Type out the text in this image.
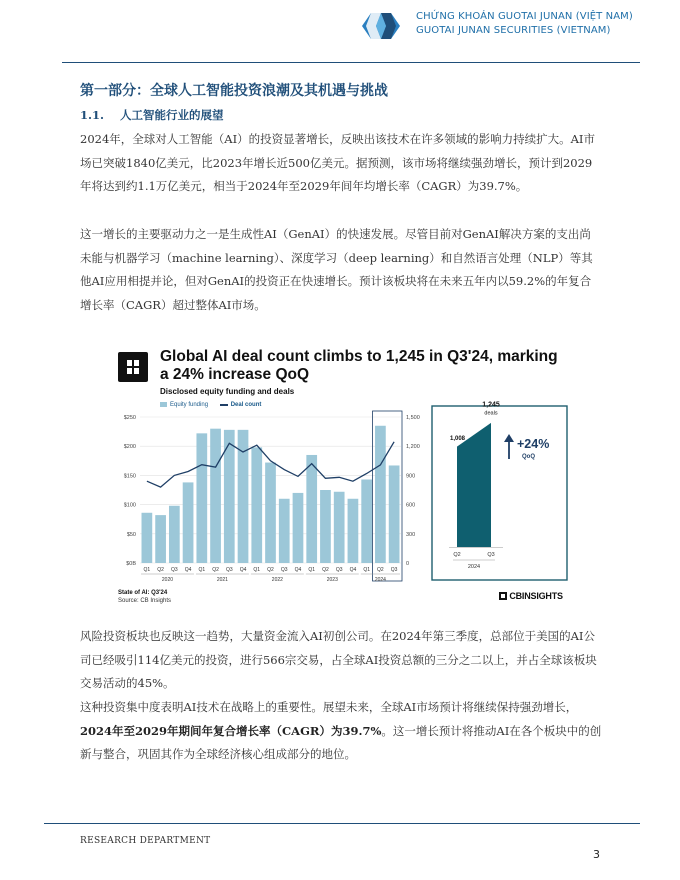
CHỨNG KHOÁN GUOTAI JUNAN (VIỆT NAM)
GUOTAI JUNAN SECURITIES (VIETNAM)
第一部分：全球人工智能投资浪潮及其机遇与挑战
1.1. 人工智能行业的展望
2024年，全球对人工智能（AI）的投资显著增长，反映出该技术在许多领域的影响力持续扩大。AI市场已突破1840亿美元，比2023年增长近500亿美元。据预测，该市场将继续强劲增长，预计到2029年将达到约1.1万亿美元，相当于2024年至2029年间年均增长率（CAGR）为39.7%。
这一增长的主要驱动力之一是生成性AI（GenAI）的快速发展。尽管目前对GenAI解决方案的支出尚未能与机器学习（machine learning）、深度学习（deep learning）和自然语言处理（NLP）等其他AI应用相提并论，但对GenAI的投资正在快速增长。预计该板块将在未来五年内以59.2%的年复合增长率（CAGR）超过整体AI市场。
Global AI deal count climbs to 1,245 in Q3'24, marking a 24% increase QoQ
Disclosed equity funding and deals
Equity funding	Deal count
$250
$200
$150
$100
$50
$0B
1,500
1,200
900
600
300
0
Q1 Q2 Q3 Q4 Q1 Q2 Q3 Q4 Q1 Q2 Q3 Q4 Q1 Q2 Q3 Q4 Q1 Q2 Q3
2020	2021	2022	2023	2024
1,008
1,245
deals
+24%
QoQ
Q2	Q3
2024
State of AI: Q3'24
Source: CB Insights	CBINSIGHTS
风险投资板块也反映这一趋势，大量资金流入AI初创公司。在2024年第三季度，总部位于美国的AI公司已经吸引114亿美元的投资，进行566宗交易，占全球AI投资总额的三分之二以上，并占全球该板块交易活动的45%。
这种投资集中度表明AI技术在战略上的重要性。展望未来，全球AI市场预计将继续保持强劲增长，2024年至2029年期间年复合增长率（CAGR）为39.7%。这一增长预计将推动AI在各个板块中的创新与整合，巩固其作为全球经济核心组成部分的地位。
RESEARCH DEPARTMENT
3
